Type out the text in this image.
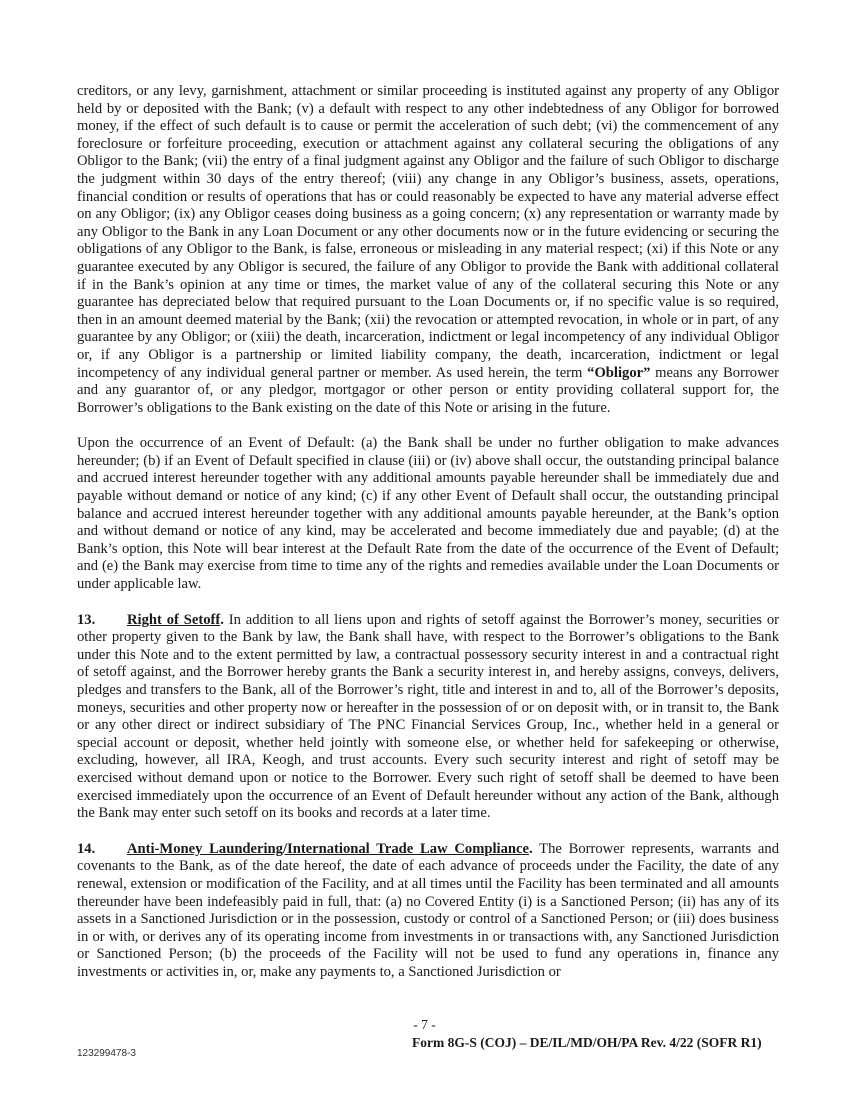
creditors, or any levy, garnishment, attachment or similar proceeding is instituted against any property of any Obligor held by or deposited with the Bank; (v) a default with respect to any other indebtedness of any Obligor for borrowed money, if the effect of such default is to cause or permit the acceleration of such debt; (vi) the commencement of any foreclosure or forfeiture proceeding, execution or attachment against any collateral securing the obligations of any Obligor to the Bank; (vii) the entry of a final judgment against any Obligor and the failure of such Obligor to discharge the judgment within 30 days of the entry thereof; (viii) any change in any Obligor’s business, assets, operations, financial condition or results of operations that has or could reasonably be expected to have any material adverse effect on any Obligor; (ix) any Obligor ceases doing business as a going concern; (x) any representation or warranty made by any Obligor to the Bank in any Loan Document or any other documents now or in the future evidencing or securing the obligations of any Obligor to the Bank, is false, erroneous or misleading in any material respect; (xi) if this Note or any guarantee executed by any Obligor is secured, the failure of any Obligor to provide the Bank with additional collateral if in the Bank’s opinion at any time or times, the market value of any of the collateral securing this Note or any guarantee has depreciated below that required pursuant to the Loan Documents or, if no specific value is so required, then in an amount deemed material by the Bank; (xii) the revocation or attempted revocation, in whole or in part, of any guarantee by any Obligor; or (xiii) the death, incarceration, indictment or legal incompetency of any individual Obligor or, if any Obligor is a partnership or limited liability company, the death, incarceration, indictment or legal incompetency of any individual general partner or member. As used herein, the term “Obligor” means any Borrower and any guarantor of, or any pledgor, mortgagor or other person or entity providing collateral support for, the Borrower’s obligations to the Bank existing on the date of this Note or arising in the future.

Upon the occurrence of an Event of Default: (a) the Bank shall be under no further obligation to make advances hereunder; (b) if an Event of Default specified in clause (iii) or (iv) above shall occur, the outstanding principal balance and accrued interest hereunder together with any additional amounts payable hereunder shall be immediately due and payable without demand or notice of any kind; (c) if any other Event of Default shall occur, the outstanding principal balance and accrued interest hereunder together with any additional amounts payable hereunder, at the Bank’s option and without demand or notice of any kind, may be accelerated and become immediately due and payable; (d) at the Bank’s option, this Note will bear interest at the Default Rate from the date of the occurrence of the Event of Default; and (e) the Bank may exercise from time to time any of the rights and remedies available under the Loan Documents or under applicable law.

13. Right of Setoff. In addition to all liens upon and rights of setoff against the Borrower’s money, securities or other property given to the Bank by law, the Bank shall have, with respect to the Borrower’s obligations to the Bank under this Note and to the extent permitted by law, a contractual possessory security interest in and a contractual right of setoff against, and the Borrower hereby grants the Bank a security interest in, and hereby assigns, conveys, delivers, pledges and transfers to the Bank, all of the Borrower’s right, title and interest in and to, all of the Borrower’s deposits, moneys, securities and other property now or hereafter in the possession of or on deposit with, or in transit to, the Bank or any other direct or indirect subsidiary of The PNC Financial Services Group, Inc., whether held in a general or special account or deposit, whether held jointly with someone else, or whether held for safekeeping or otherwise, excluding, however, all IRA, Keogh, and trust accounts. Every such security interest and right of setoff may be exercised without demand upon or notice to the Borrower. Every such right of setoff shall be deemed to have been exercised immediately upon the occurrence of an Event of Default hereunder without any action of the Bank, although the Bank may enter such setoff on its books and records at a later time.

14. Anti-Money Laundering/International Trade Law Compliance. The Borrower represents, warrants and covenants to the Bank, as of the date hereof, the date of each advance of proceeds under the Facility, the date of any renewal, extension or modification of the Facility, and at all times until the Facility has been terminated and all amounts thereunder have been indefeasibly paid in full, that: (a) no Covered Entity (i) is a Sanctioned Person; (ii) has any of its assets in a Sanctioned Jurisdiction or in the possession, custody or control of a Sanctioned Person; or (iii) does business in or with, or derives any of its operating income from investments in or transactions with, any Sanctioned Jurisdiction or Sanctioned Person; (b) the proceeds of the Facility will not be used to fund any operations in, finance any investments or activities in, or, make any payments to, a Sanctioned Jurisdiction or

- 7 -
Form 8G-S (COJ) – DE/IL/MD/OH/PA Rev. 4/22 (SOFR R1)
123299478-3
